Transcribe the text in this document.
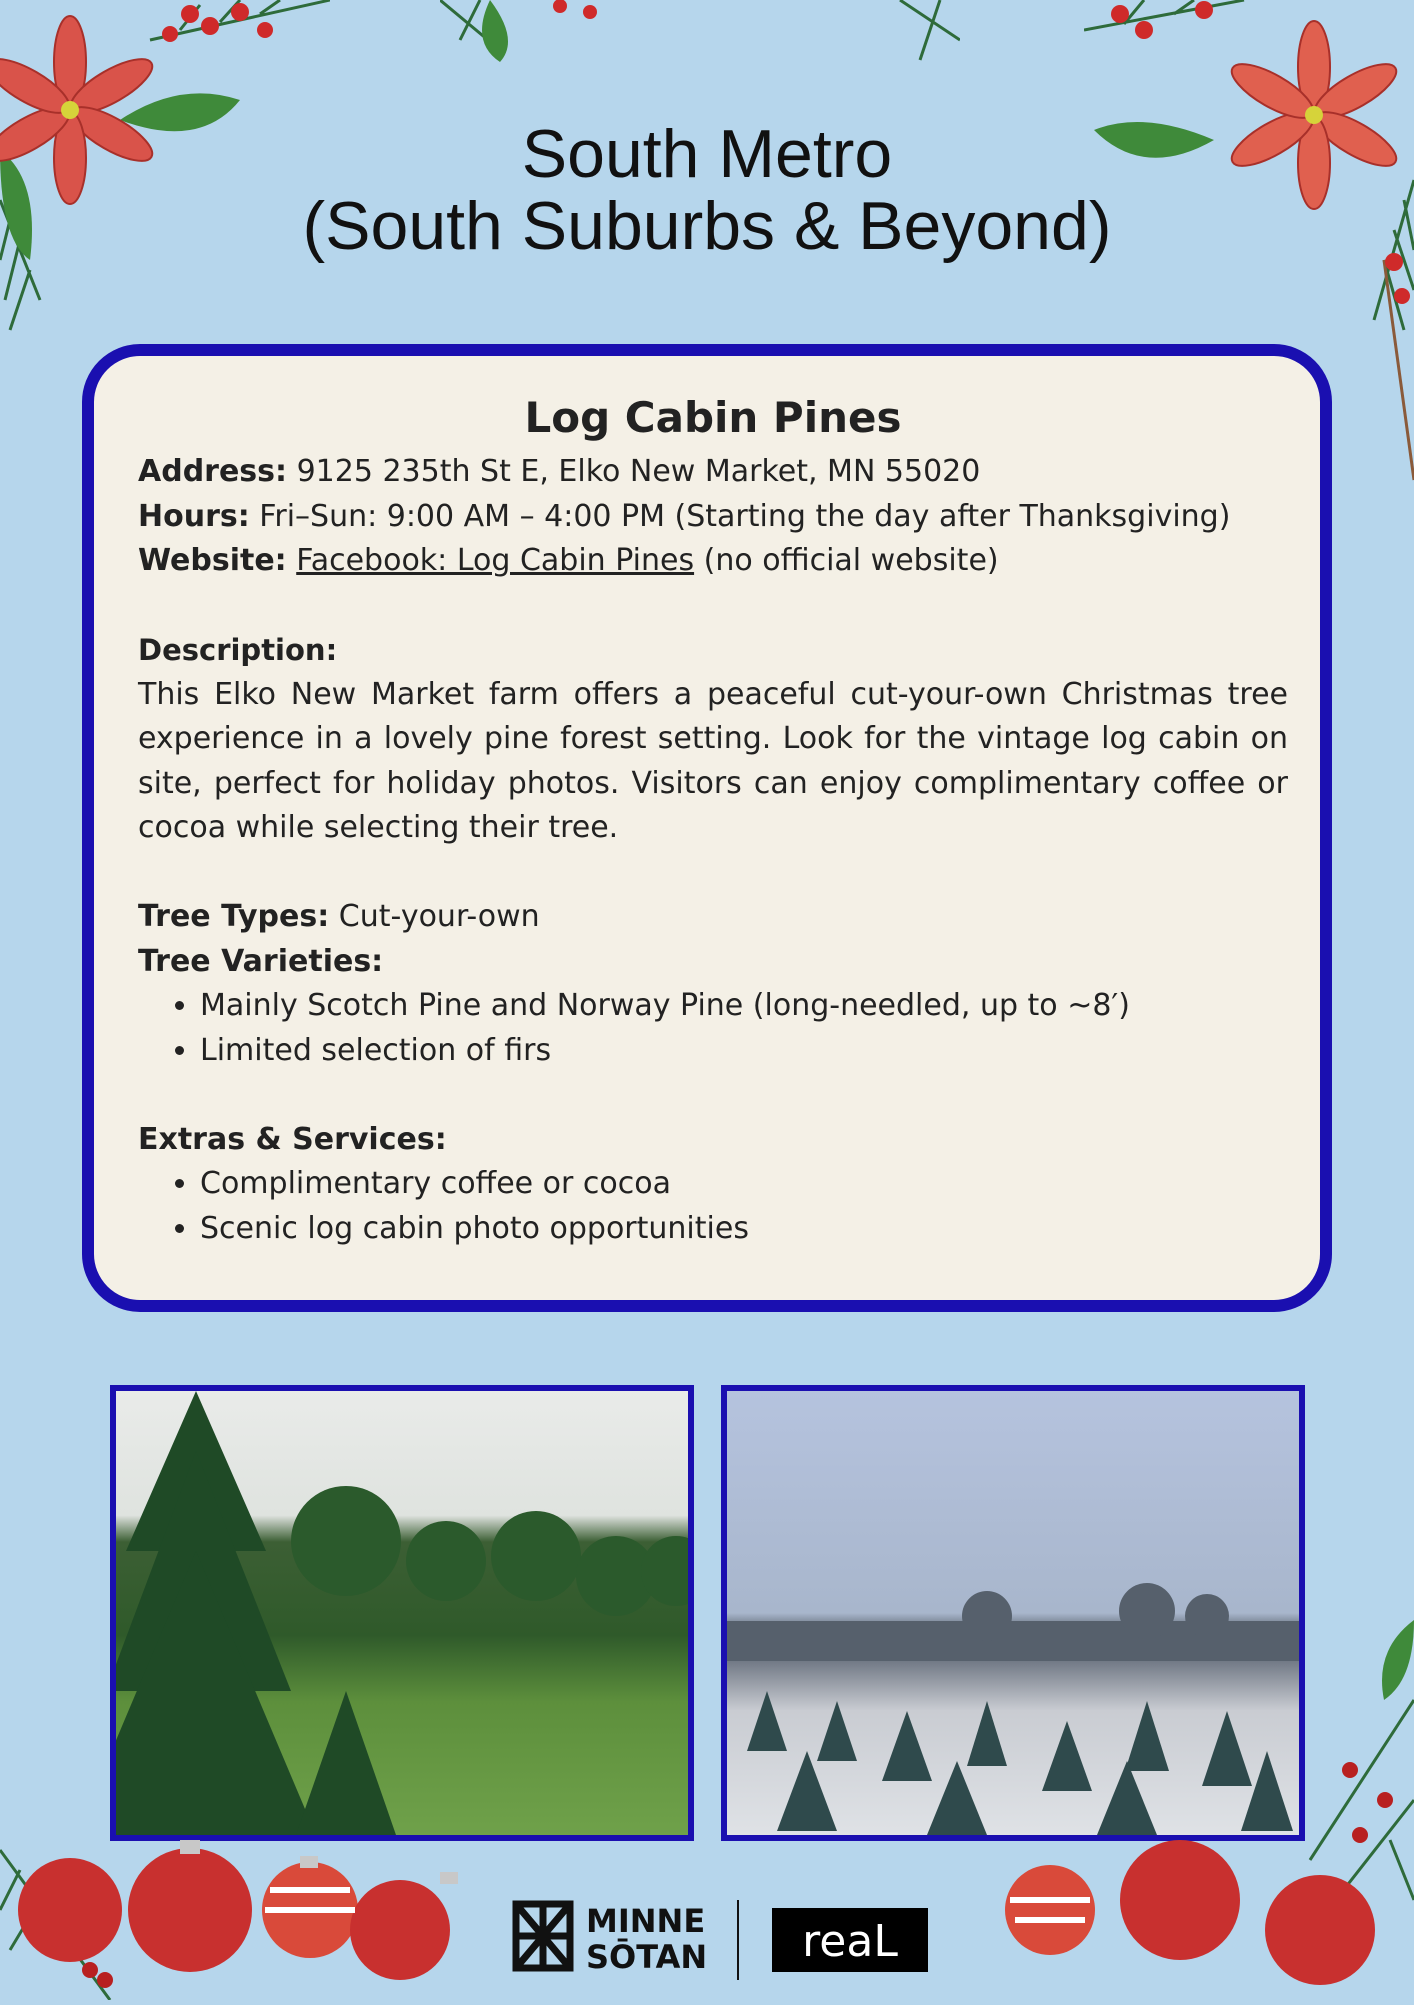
South Metro
(South Suburbs & Beyond)
Log Cabin Pines

Address: 9125 235th St E, Elko New Market, MN 55020

Hours: Fri–Sun: 9:00 AM – 4:00 PM (Starting the day after Thanksgiving)

Website: Facebook: Log Cabin Pines (no official website)

Description:

This Elko New Market farm offers a peaceful cut-your-own Christmas tree experience in a lovely pine forest setting. Look for the vintage log cabin on site, perfect for holiday photos. Visitors can enjoy complimentary coffee or cocoa while selecting their tree.

Tree Types: Cut-your-own

Tree Varieties:

• Mainly Scotch Pine and Norway Pine (long-needled, up to ~8′)
• Limited selection of firs

Extras & Services:

• Complimentary coffee or cocoa
• Scenic log cabin photo opportunities
MINNE
SŌTAN reaL
